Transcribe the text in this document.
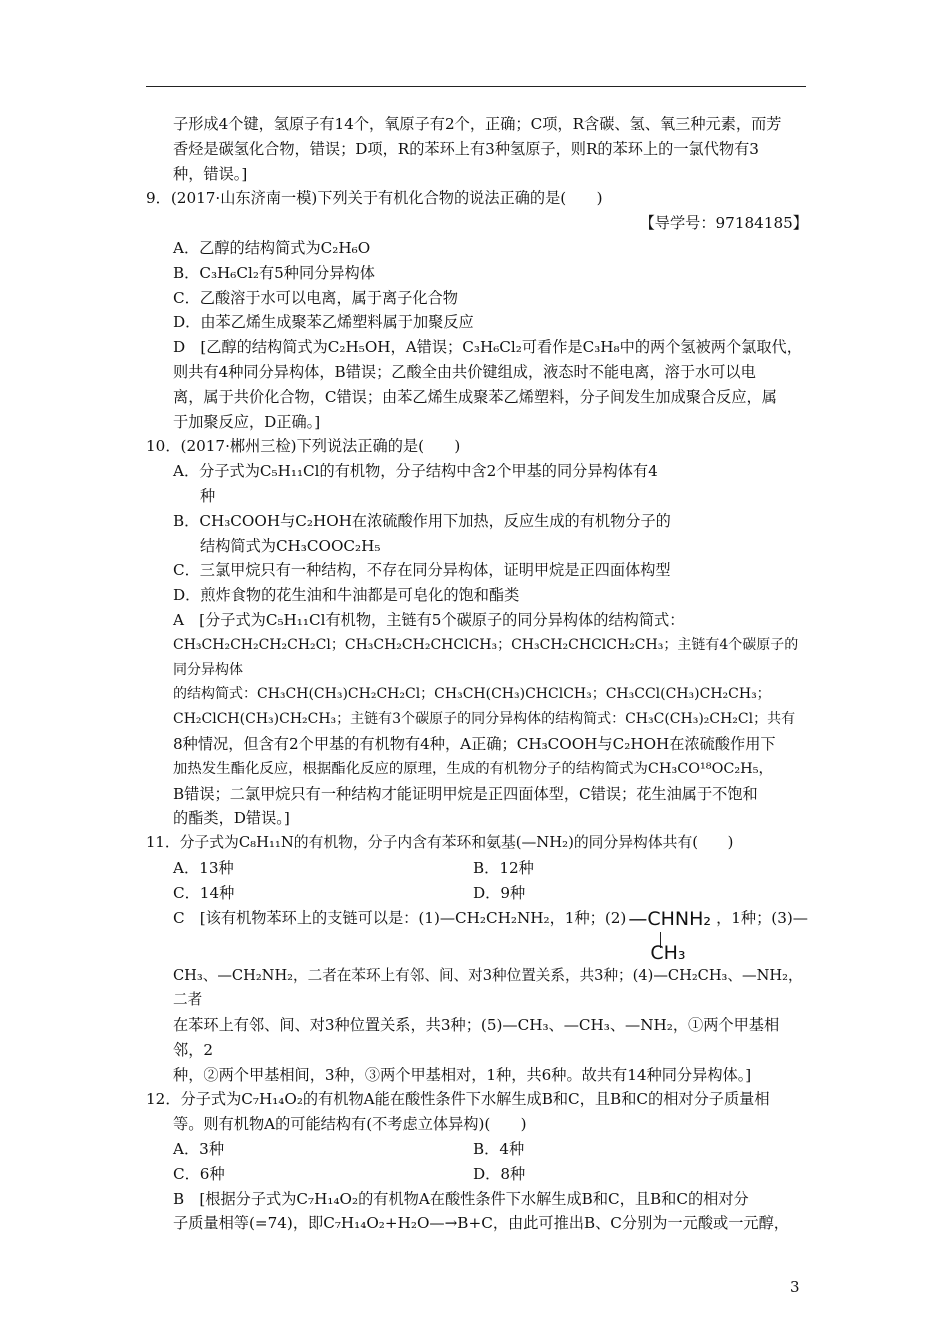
子形成4个键，氢原子有14个，氧原子有2个，正确；C项，R含碳、氢、氧三种元素，而芳

香烃是碳氢化合物，错误；D项，R的苯环上有3种氢原子，则R的苯环上的一氯代物有3

种，错误。]

9．(2017·山东济南一模)下列关于有机化合物的说法正确的是(　　)

【导学号：97184185】

A．乙醇的结构简式为C₂H₆O

B．C₃H₆Cl₂有5种同分异构体

C．乙酸溶于水可以电离，属于离子化合物

D．由苯乙烯生成聚苯乙烯塑料属于加聚反应

D　[乙醇的结构简式为C₂H₅OH，A错误；C₃H₆Cl₂可看作是C₃H₈中的两个氢被两个氯取代，

则共有4种同分异构体，B错误；乙酸全由共价键组成，液态时不能电离，溶于水可以电

离，属于共价化合物，C错误；由苯乙烯生成聚苯乙烯塑料，分子间发生加成聚合反应，属

于加聚反应，D正确。]

10．(2017·郴州三检)下列说法正确的是(　　)

A．分子式为C₅H₁₁Cl的有机物，分子结构中含2个甲基的同分异构体有4

种

B．CH₃COOH与C₂HOH在浓硫酸作用下加热，反应生成的有机物分子的

结构简式为CH₃COOC₂H₅

C．三氯甲烷只有一种结构，不存在同分异构体，证明甲烷是正四面体构型

D．煎炸食物的花生油和牛油都是可皂化的饱和酯类

A　[分子式为C₅H₁₁Cl有机物，主链有5个碳原子的同分异构体的结构简式：

CH₃CH₂CH₂CH₂CH₂Cl；CH₃CH₂CH₂CHClCH₃；CH₃CH₂CHClCH₂CH₃；主链有4个碳原子的同分异构体

的结构简式：CH₃CH(CH₃)CH₂CH₂Cl；CH₃CH(CH₃)CHClCH₃；CH₃CCl(CH₃)CH₂CH₃；

CH₂ClCH(CH₃)CH₂CH₃；主链有3个碳原子的同分异构体的结构简式：CH₃C(CH₃)₂CH₂Cl；共有

8种情况，但含有2个甲基的有机物有4种，A正确；CH₃COOH与C₂HOH在浓硫酸作用下

加热发生酯化反应，根据酯化反应的原理，生成的有机物分子的结构简式为CH₃CO¹⁸OC₂H₅，

B错误；二氯甲烷只有一种结构才能证明甲烷是正四面体型，C错误；花生油属于不饱和

的酯类，D错误。]

11．分子式为C₈H₁₁N的有机物，分子内含有苯环和氨基(—NH₂)的同分异构体共有(　　)

A．13种	B．12种
C．14种	D．9种
C　[该有机物苯环上的支链可以是：(1)—CH₂CH₂NH₂，1种；(2) —CHNH₂
CH₃
，1种；(3)—

CH₃、—CH₂NH₂，二者在苯环上有邻、间、对3种位置关系，共3种；(4)—CH₂CH₃、—NH₂，二者

在苯环上有邻、间、对3种位置关系，共3种；(5)—CH₃、—CH₃、—NH₂，①两个甲基相邻，2

种，②两个甲基相间，3种，③两个甲基相对，1种，共6种。故共有14种同分异构体。]

12．分子式为C₇H₁₄O₂的有机物A能在酸性条件下水解生成B和C，且B和C的相对分子质量相

等。则有机物A的可能结构有(不考虑立体异构)(　　)

A．3种	B．4种
C．6种	D．8种

B　[根据分子式为C₇H₁₄O₂的有机物A在酸性条件下水解生成B和C，且B和C的相对分

子质量相等(=74)，即C₇H₁₄O₂+H₂O—→B+C，由此可推出B、C分别为一元酸或一元醇，

3
